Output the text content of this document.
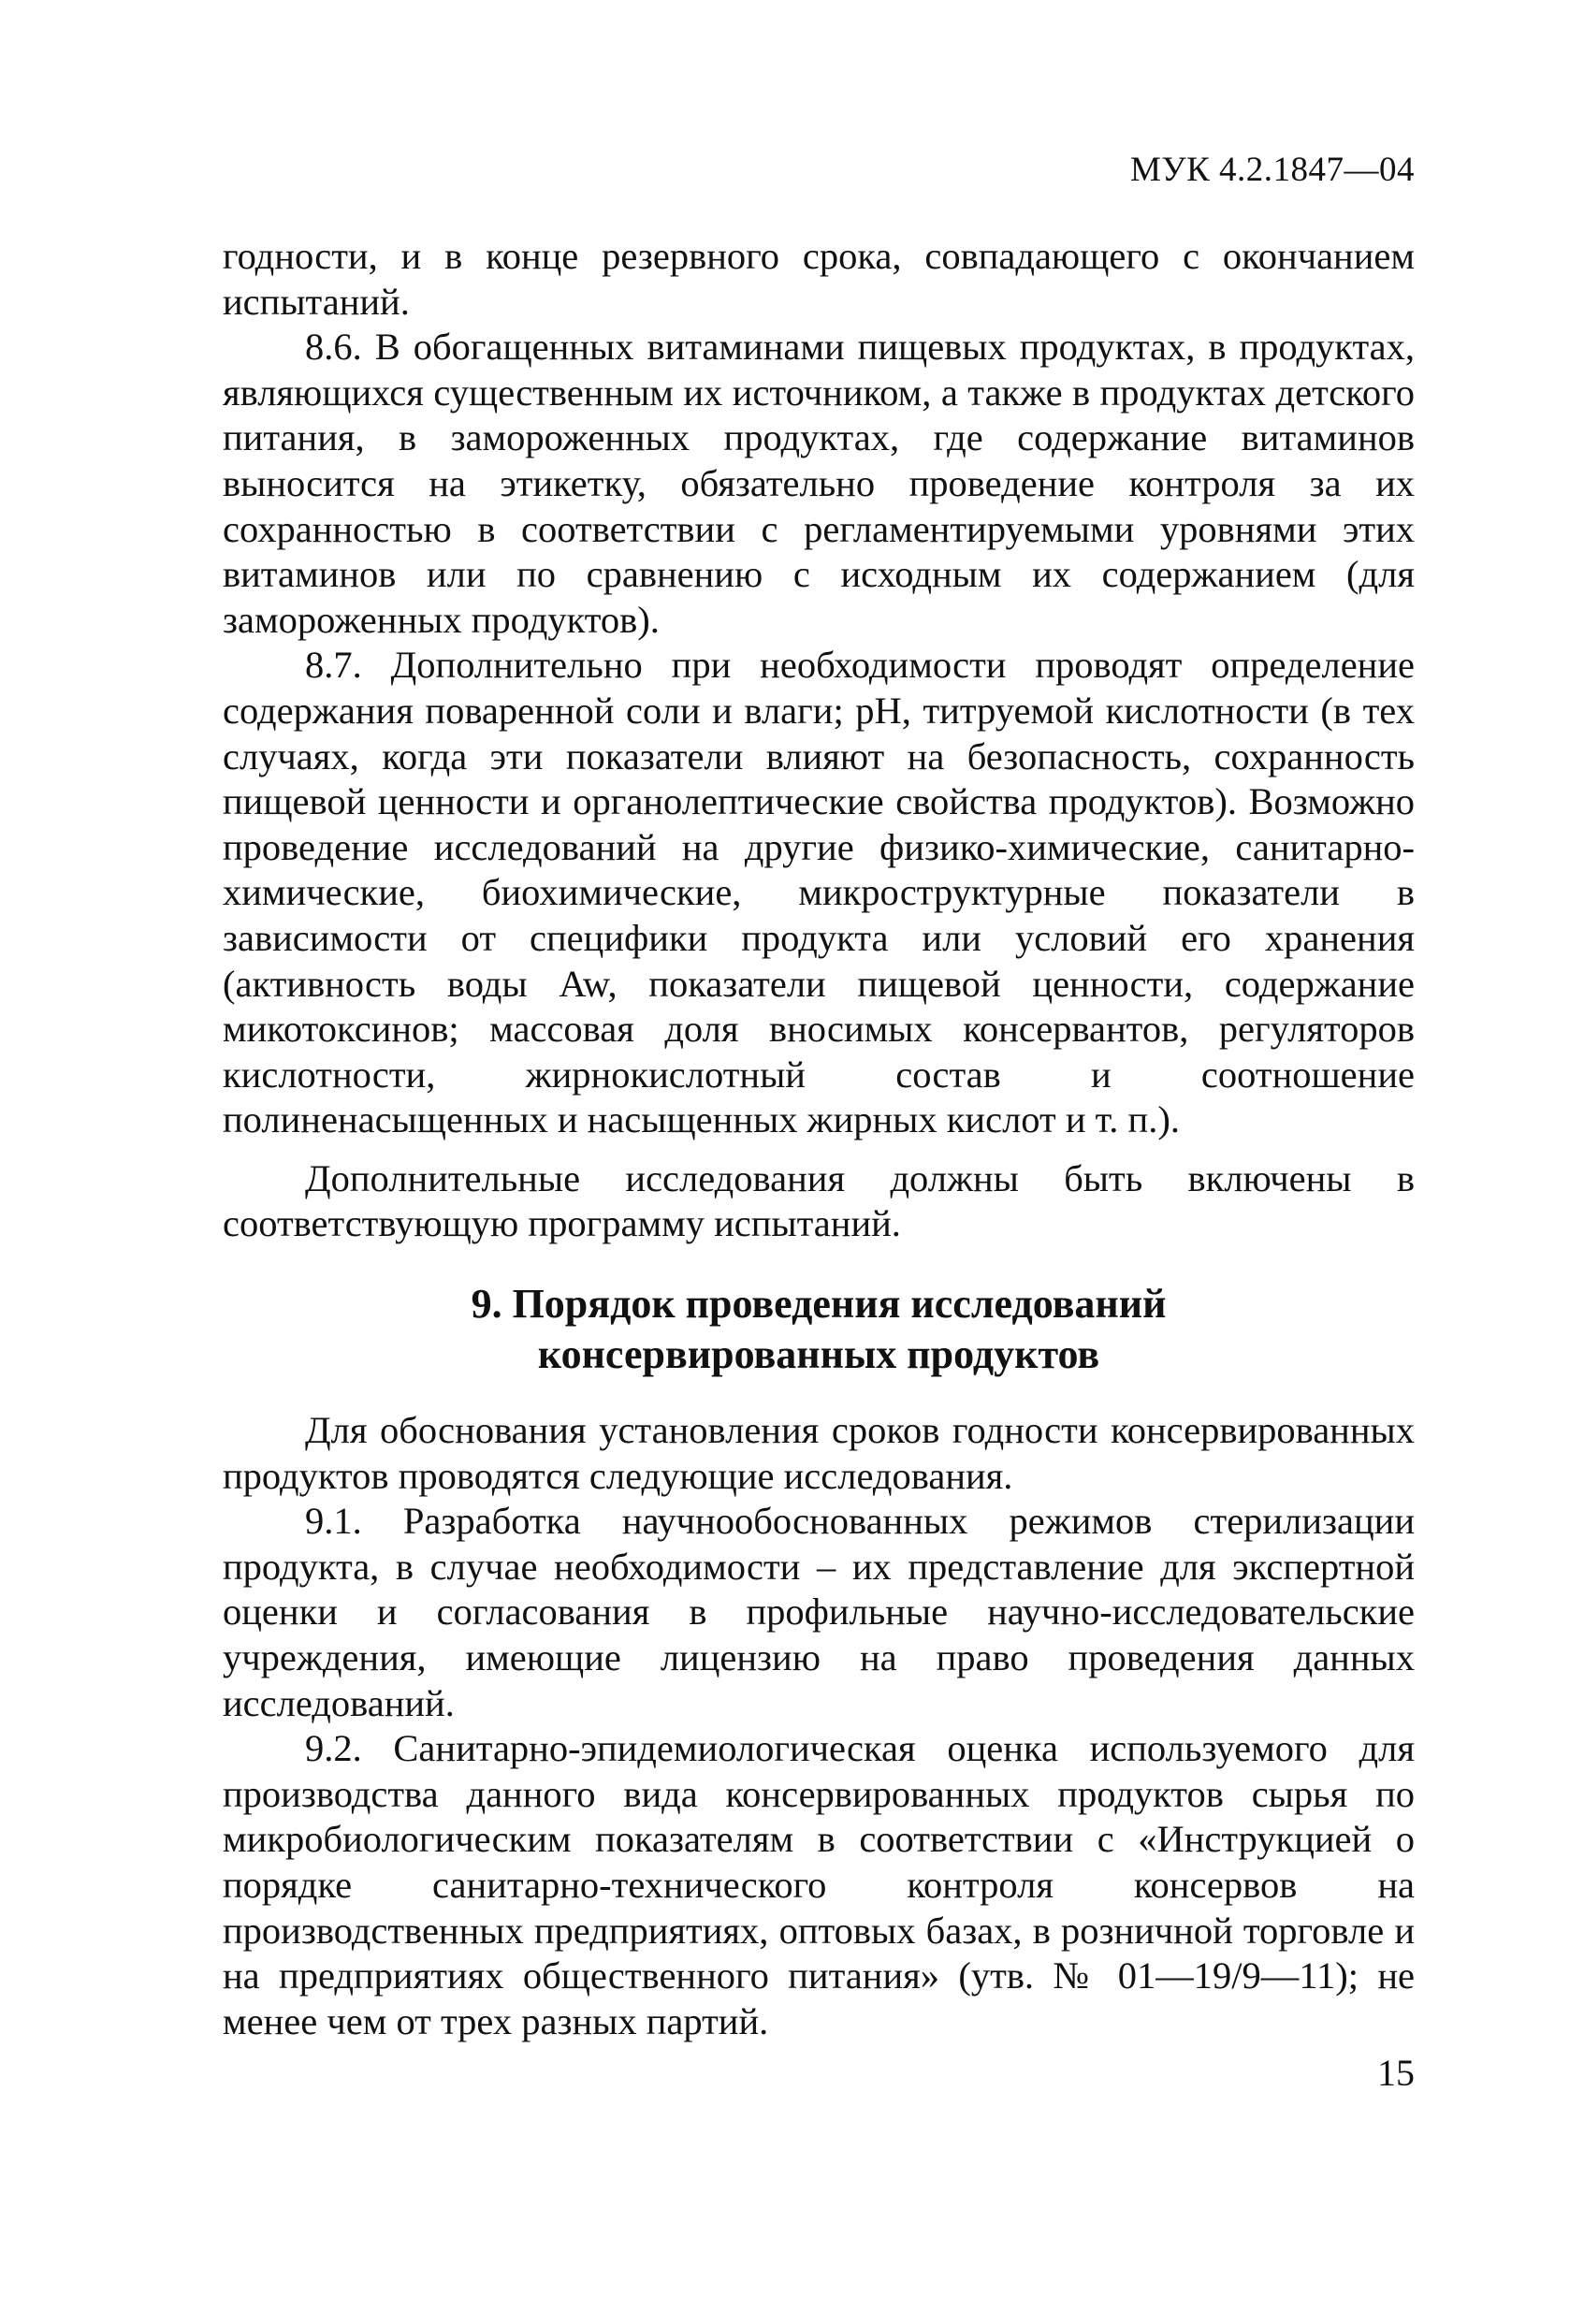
МУК 4.2.1847—04

годности, и в конце резервного срока, совпадающего с окончанием испытаний.

8.6. В обогащенных витаминами пищевых продуктах, в продуктах, являющихся существенным их источником, а также в продуктах детского питания, в замороженных продуктах, где содержание витаминов выносится на этикетку, обязательно проведение контроля за их сохранностью в соответствии с регламентируемыми уровнями этих витаминов или по сравнению с исходным их содержанием (для замороженных продуктов).

8.7. Дополнительно при необходимости проводят определение содержания поваренной соли и влаги; pH, титруемой кислотности (в тех случаях, когда эти показатели влияют на безопасность, сохранность пищевой ценности и органолептические свойства продуктов). Возможно проведение исследований на другие физико-химические, санитарно-химические, биохимические, микроструктурные показатели в зависимости от специфики продукта или условий его хранения (активность воды Aw, показатели пищевой ценности, содержание микотоксинов; массовая доля вносимых консервантов, регуляторов кислотности, жирнокислотный состав и соотношение полиненасыщенных и насыщенных жирных кислот и т. п.).

Дополнительные исследования должны быть включены в соответствующую программу испытаний.

9. Порядок проведения исследований
консервированных продуктов

Для обоснования установления сроков годности консервированных продуктов проводятся следующие исследования.

9.1. Разработка научнообоснованных режимов стерилизации продукта, в случае необходимости – их представление для экспертной оценки и согласования в профильные научно-исследовательские учреждения, имеющие лицензию на право проведения данных исследований.

9.2. Санитарно-эпидемиологическая оценка используемого для производства данного вида консервированных продуктов сырья по микробиологическим показателям в соответствии с «Инструкцией о порядке санитарно-технического контроля консервов на производственных предприятиях, оптовых базах, в розничной торговле и на предприятиях общественного питания» (утв. № 01—19/9—11); не менее чем от трех разных партий.

15
